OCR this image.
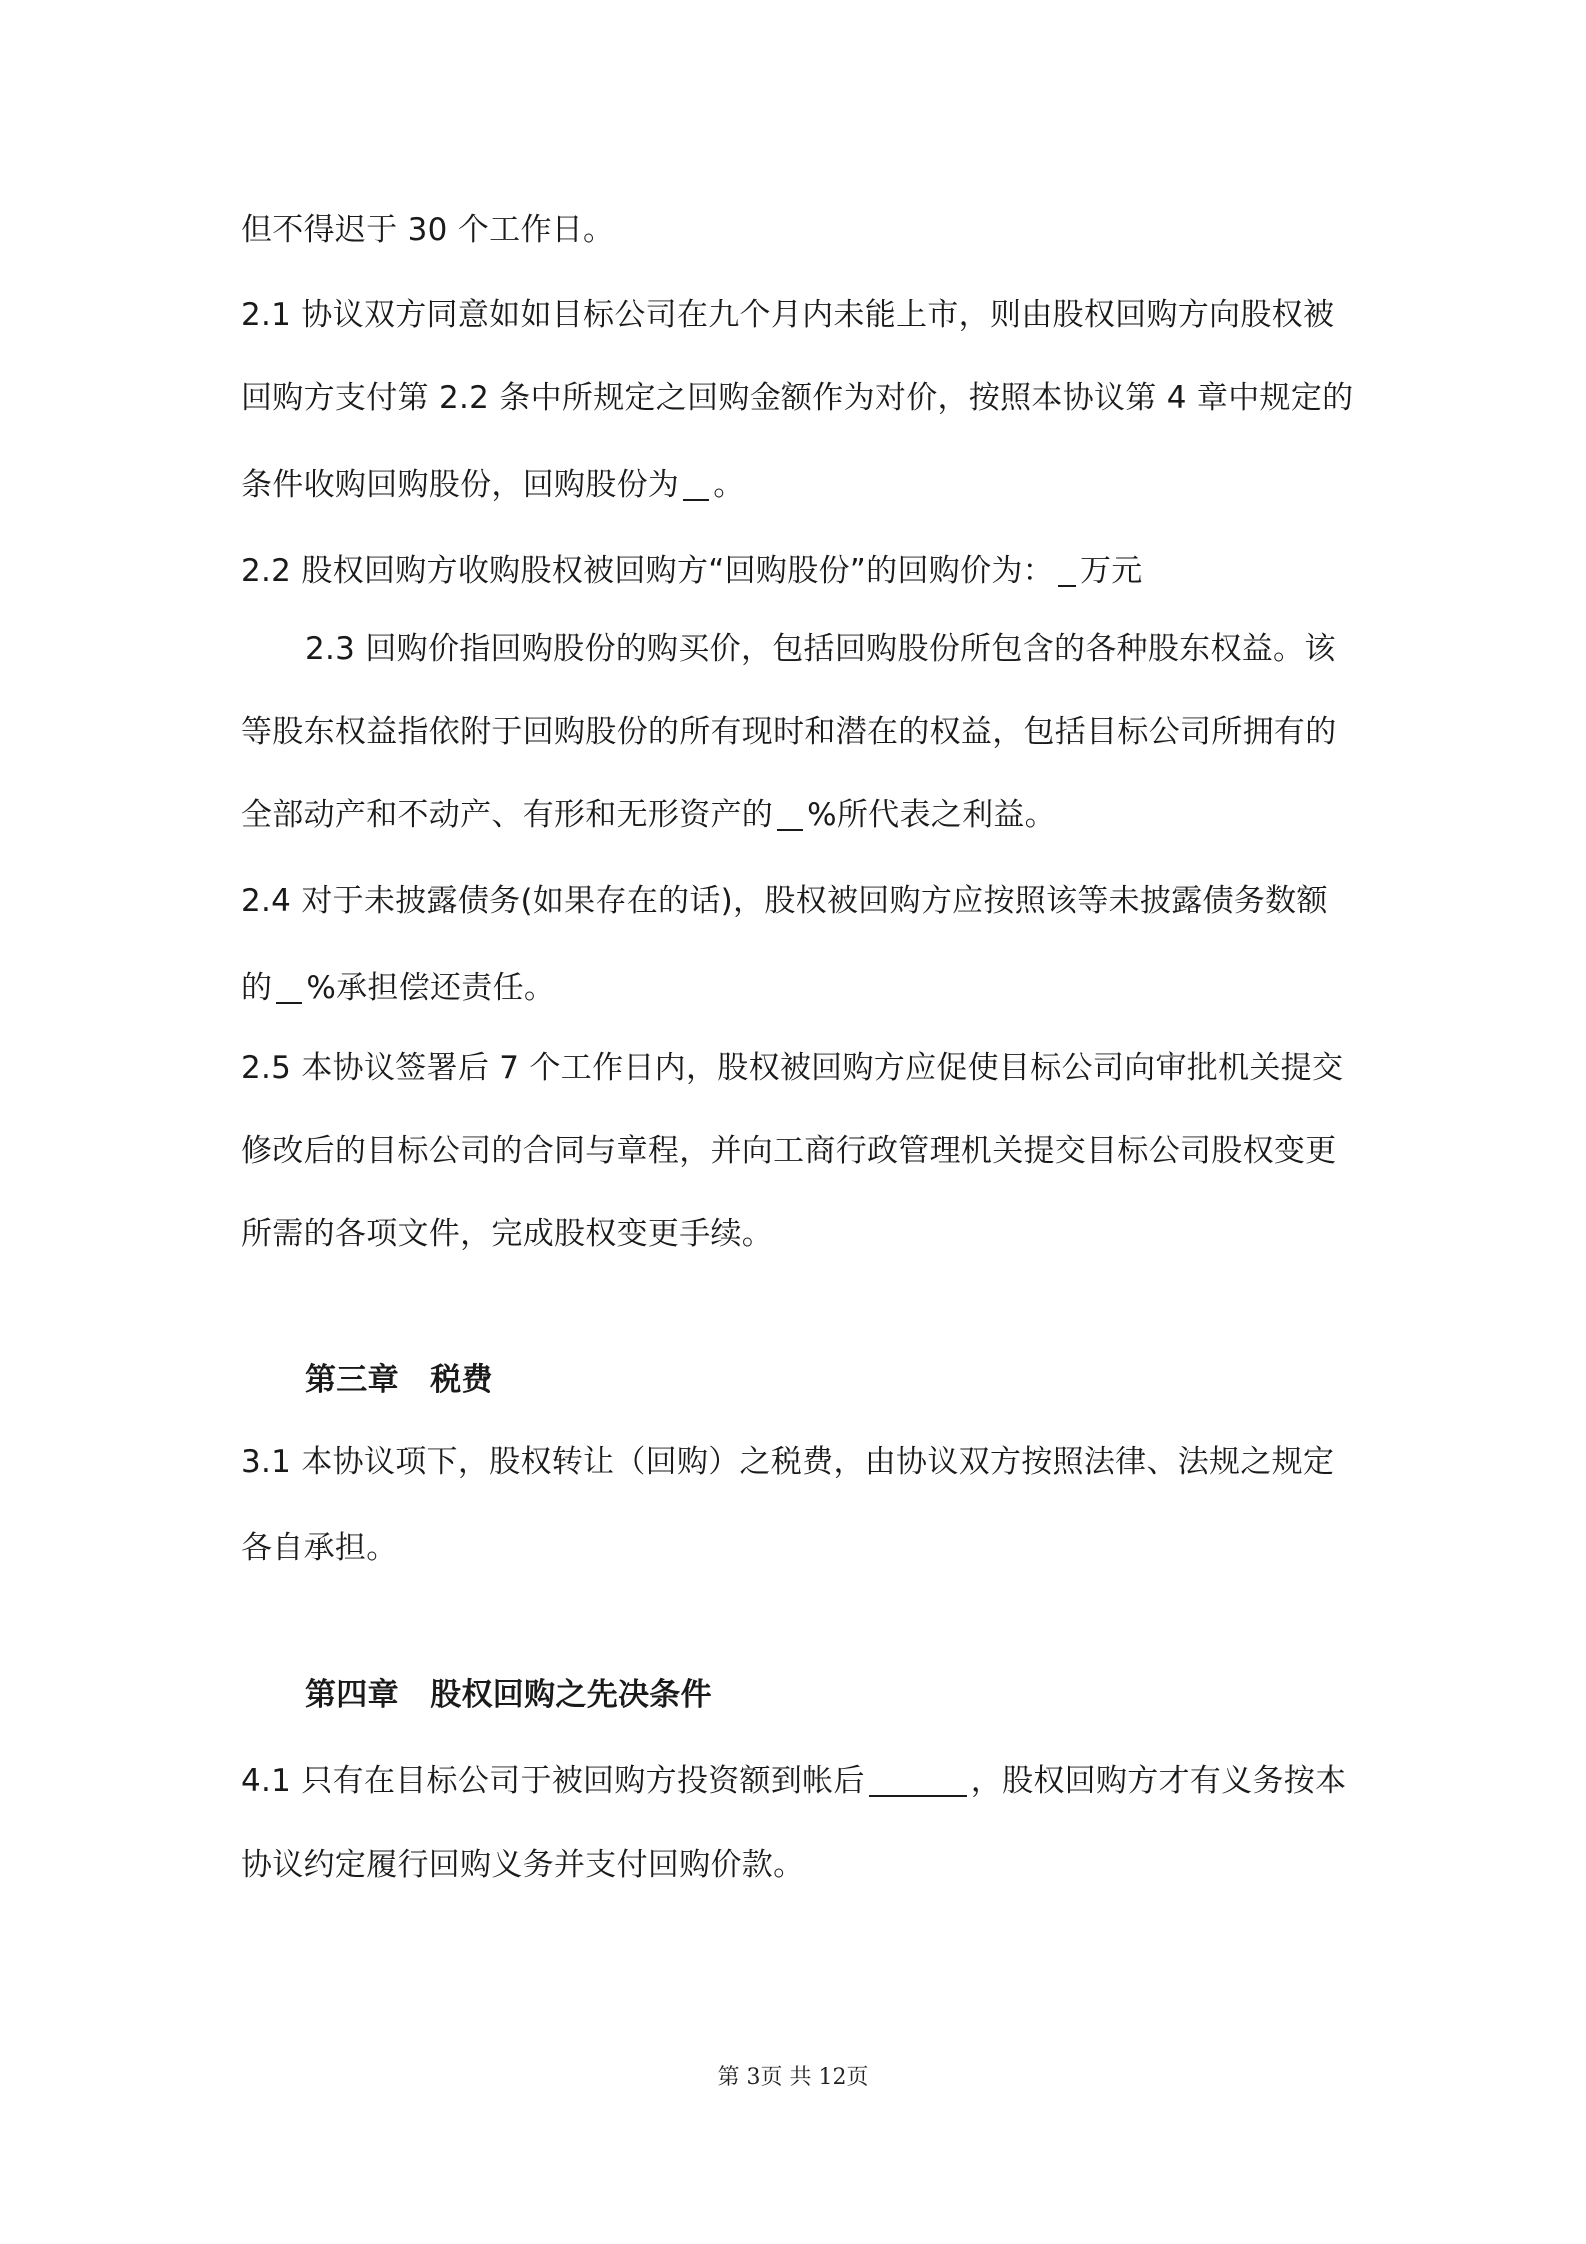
但不得迟于 30 个工作日。
2.1 协议双方同意如如目标公司在九个月内未能上市，则由股权回购方向股权被
回购方支付第 2.2 条中所规定之回购金额作为对价，按照本协议第 4 章中规定的
条件收购回购股份，回购股份为 。
2.2 股权回购方收购股权被回购方“回购股份”的回购价为： 万元
2.3 回购价指回购股份的购买价，包括回购股份所包含的各种股东权益。该
等股东权益指依附于回购股份的所有现时和潜在的权益，包括目标公司所拥有的
全部动产和不动产、有形和无形资产的 %所代表之利益。
2.4 对于未披露债务(如果存在的话)，股权被回购方应按照该等未披露债务数额
的 %承担偿还责任。
2.5 本协议签署后 7 个工作日内，股权被回购方应促使目标公司向审批机关提交
修改后的目标公司的合同与章程，并向工商行政管理机关提交目标公司股权变更
所需的各项文件，完成股权变更手续。
第三章　税费
3.1 本协议项下，股权转让（回购）之税费，由协议双方按照法律、法规之规定
各自承担。
第四章　股权回购之先决条件
4.1 只有在目标公司于被回购方投资额到帐后	，股权回购方才有义务按本
协议约定履行回购义务并支付回购价款。
第 3页 共 12页
